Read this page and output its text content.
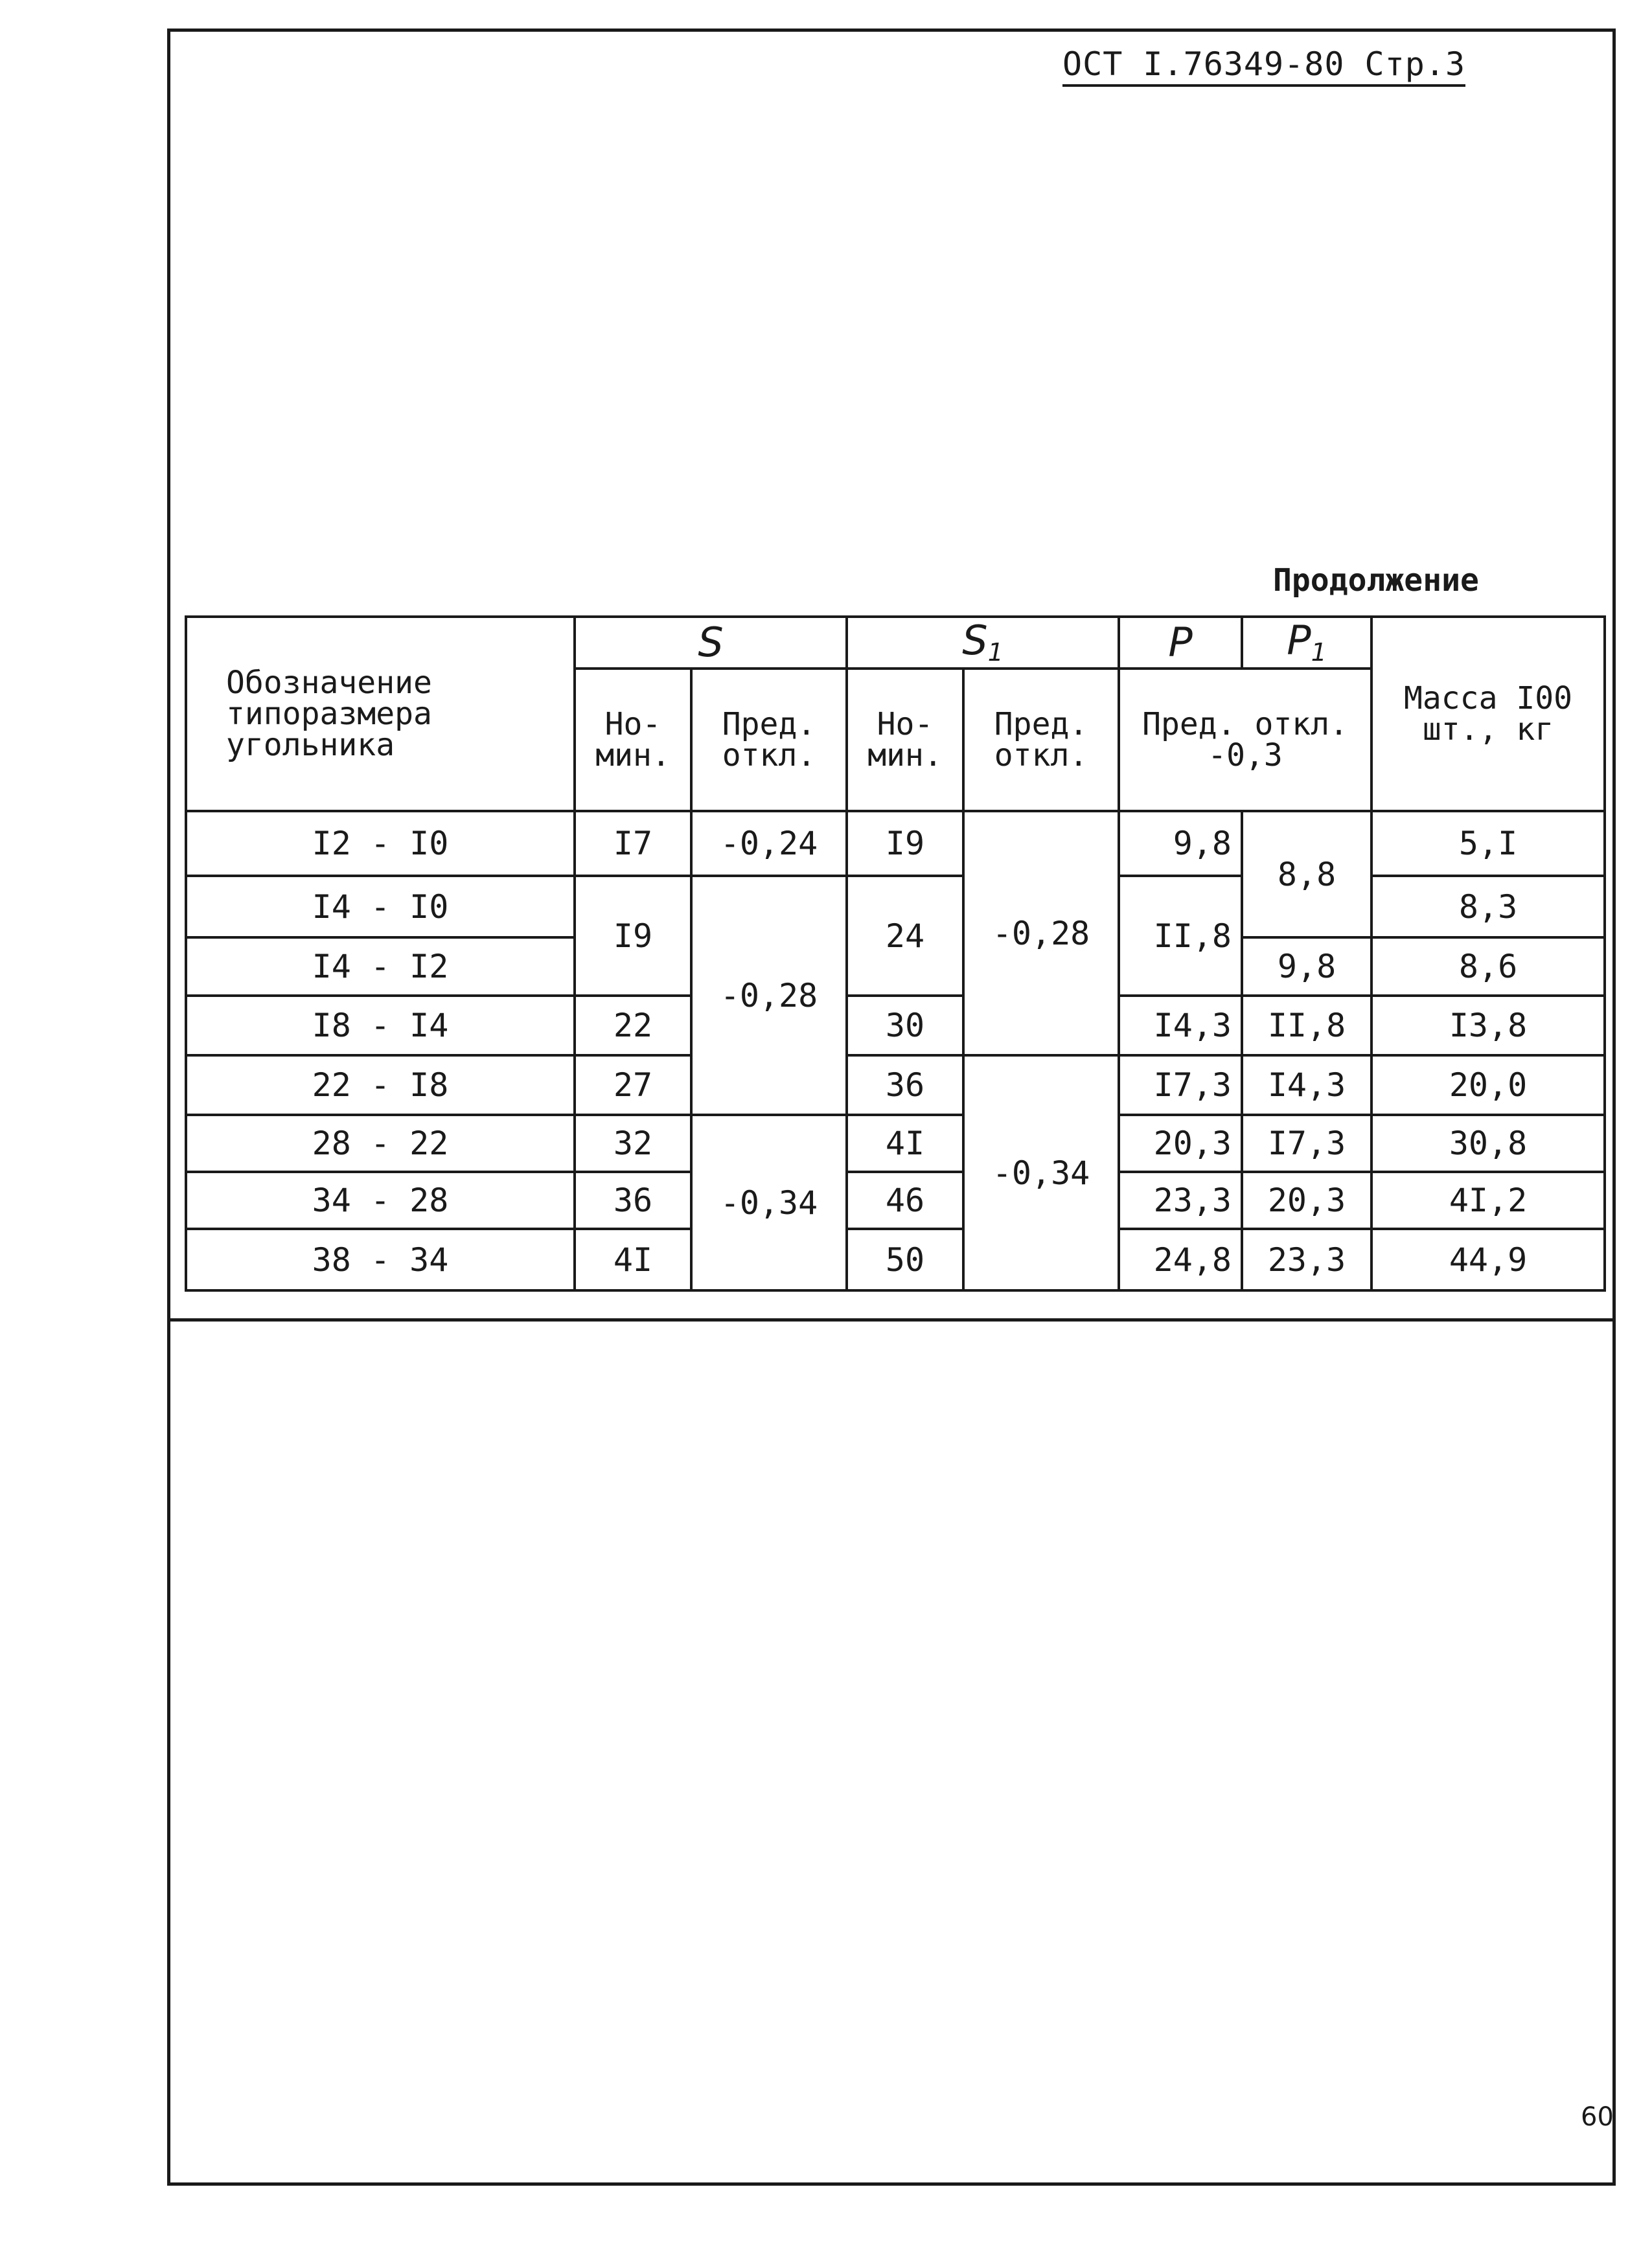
ОСТ I.76349-80 Стр.3
Продолжение
Обозначение типоразмера угольника	S		$S_1$		P	$P_1$	Масса I00 шт., кг
	Но- мин.	Пред. откл.	Но- мин.	Пред. откл.	Пред. откл. -0,3		
I2 - I0	I7	-0,24	I9	-0,28	9,8	8,8	5,I
I4 - I0	I9	-0,28	24		II,8		8,3
I4 - I2						9,8	8,6
I8 - I4	22		30		I4,3	II,8	I3,8
22 - I8	27		36	-0,34	I7,3	I4,3	20,0
28 - 22	32	-0,34	4I		20,3	I7,3	30,8
34 - 28	36		46		23,3	20,3	4I,2
38 - 34	4I		50		24,8	23,3	44,9
60
